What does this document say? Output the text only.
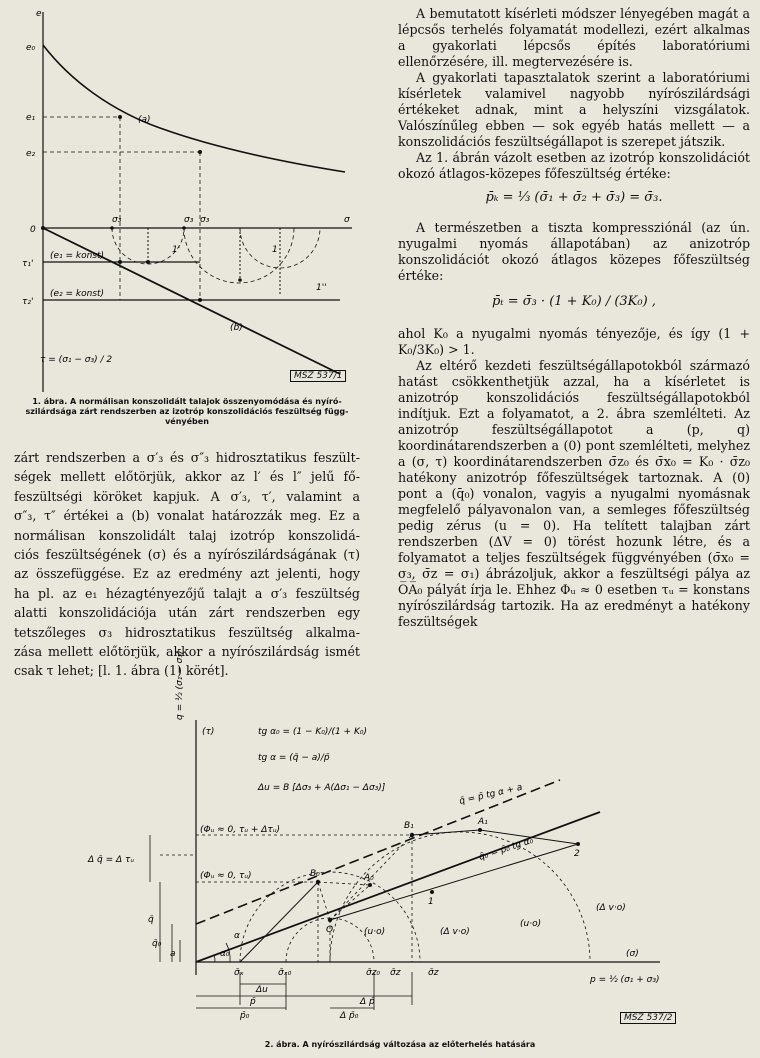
e
e₀
e₁
e₂
0
σ
τ₁'
τ₂'
(e₁ = konst)
(e₂ = konst)
(a)
(b)
σ₃	σ₃ σ₃
1'
1''
1
τ = (σ₁ − σ₃) / 2
MSZ 537/1
1. ábra. A normálisan konszolidált talajok összenyomódása és nyíró-
szilárdsága zárt rendszerben az izotróp konszolidációs feszültség függ-
vényében
zárt rendszerben a σ′₃ és σ″₃ hidrosztatikus feszült-
ségek mellett előtörjük, akkor az l′ és l″ jelű fő-
feszültségi köröket kapjuk. A σ′₃, τ′, valamint a
σ″₃, τ″ értékei a (b) vonalat határozzák meg. Ez a
normálisan konszolidált talaj izotróp konszolidá-
ciós feszültségének (σ) és a nyírószilárdságának (τ)
az összefüggése. Ez az eredmény azt jelenti, hogy
ha pl. az e₁ hézagtényezőjű talajt a σ′₃ feszültség
alatti konszolidációja után zárt rendszerben egy
tetszőleges σ₃ hidrosztatikus feszültség alkalma-
zása mellett előtörjük, akkor a nyírószilárdság ismét
csak τ lehet; [l. 1. ábra (1) körét].

A bemutatott kísérleti módszer lényegében magát a lépcsős terhelés folyamatát modellezi, ezért alkalmas a gyakorlati lépcsős építés laboratóriumi ellenőrzésére, ill. megtervezésére is.

A gyakorlati tapasztalatok szerint a laboratóriumi kísérletek valamivel nagyobb nyírószilárdsági értékeket adnak, mint a helyszíni vizsgálatok. Valószínűleg ebben — sok egyéb hatás mellett — a konszolidációs feszültségállapot is szerepet játszik.

Az 1. ábrán vázolt esetben az izotróp konszolidációt okozó átlagos-közepes főfeszültség értéke:

p̄ₖ = ⅓ (σ̄₁ + σ̄₂ + σ̄₃) = σ̄₃.

A természetben a tiszta kompressziónál (az ún. nyugalmi nyomás állapotában) az anizotróp konszolidációt okozó átlagos közepes főfeszültség értéke:

p̄ₜ = σ̄₃ · (1 + K₀) / (3K₀) ,

ahol K₀ a nyugalmi nyomás tényezője, és így (1 + K₀/3K₀) > 1.

Az eltérő kezdeti feszültségállapotokból származó hatást csökkenthetjük azzal, ha a kísérletet is anizotróp konszolidációs feszültségállapotokból indítjuk. Ezt a folyamatot, a 2. ábra szemlélteti. Az anizotróp feszültségállapotot a (p, q) koordinátarendszerben a (0) pont szemlélteti, melyhez a (σ, τ) koordinátarendszerben σ̄z₀ és σ̄x₀ = K₀ · σ̄z₀ hatékony anizotróp főfeszültségek tartoznak. A (0) pont a (q̄₀) vonalon, vagyis a nyugalmi nyomásnak megfelelő pályavonalon van, a semleges főfeszültség pedig zérus (u = 0). Ha telített talajban zárt rendszerben (ΔV = 0) törést hozunk létre, és a folyamatot a teljes feszültségek függvényében (σ̄x₀ = σ₃, σ̄z = σ₁) ábrázoljuk, akkor a feszültségi pálya az O̅A̅₀ pályát írja le. Ehhez Φᵤ ≈ 0 esetben τᵤ = konstans nyírószilárdság tartozik. Ha az eredményt a hatékony feszültségek

q = ½ (σ₁ − σ₃)
(τ)	tg α₀ = (1 − K₀)/(1 + K₀)
tg α = (q̄ − a)/p̄
Δu = B [Δσ₃ + A(Δσ₁ − Δσ₃)]	q̄ = p̄ tg α + a
q̄₀ = p̄₀ tg α₀
(Φᵤ ≈ 0, τᵤ + Δτᵤ)
(Φᵤ ≈ 0, τᵤ)
B₁	A₁
B₀	A₀
O
2
1
(u·o)
(u·o)
(Δ v·o)
(Δ v·o)
α
α₀
Δ q̄ = Δ τᵤ
q̄
q̄₀
a	(σ)
p = ½ (σ₁ + σ₃)
σ̄ₓ	σ̄ₓ₀	σ̄z₀ σ̄z	σ̄z
Δu
p̄
p̄₀
Δ p̄
Δ p̄₀	MSZ 537/2
2. ábra. A nyírószilárdság változása az előterhelés hatására
